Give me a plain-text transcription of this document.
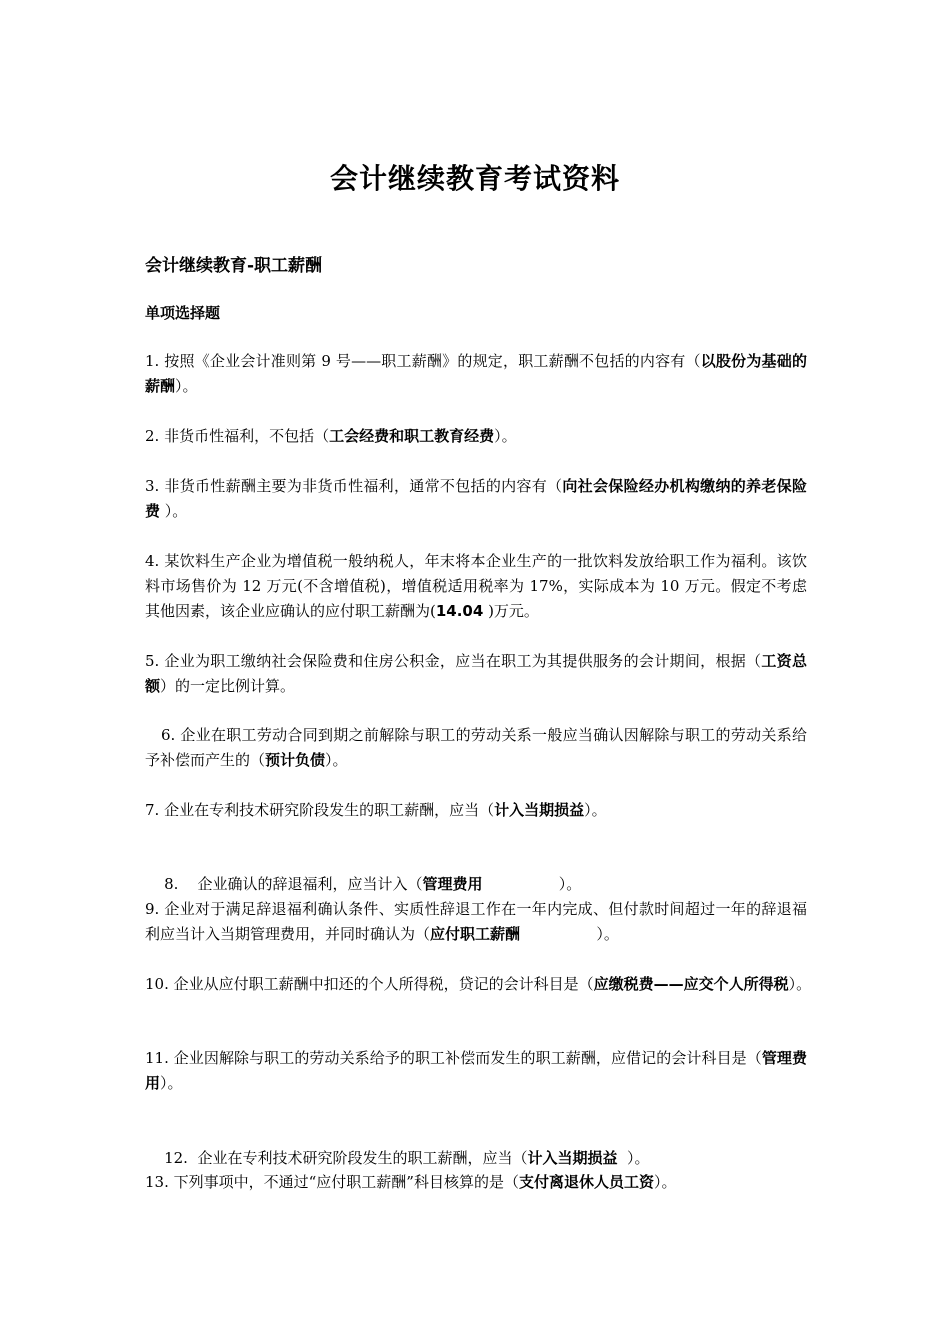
会计继续教育考试资料
会计继续教育-职工薪酬
单项选择题
1. 按照《企业会计准则第 9 号——职工薪酬》的规定，职工薪酬不包括的内容有（以股份为基础的薪酬）。
2. 非货币性福利，不包括（工会经费和职工教育经费）。
3. 非货币性薪酬主要为非货币性福利，通常不包括的内容有（向社会保险经办机构缴纳的养老保险费 ）。
4. 某饮料生产企业为增值税一般纳税人，年末将本企业生产的一批饮料发放给职工作为福利。该饮料市场售价为 12 万元(不含增值税)，增值税适用税率为 17%，实际成本为 10 万元。假定不考虑其他因素，该企业应确认的应付职工薪酬为(14.04 )万元。
5. 企业为职工缴纳社会保险费和住房公积金，应当在职工为其提供服务的会计期间，根据（工资总额）的一定比例计算。
6. 企业在职工劳动合同到期之前解除与职工的劳动关系一般应当确认因解除与职工的劳动关系给予补偿而产生的（预计负债）。
7. 企业在专利技术研究阶段发生的职工薪酬，应当（计入当期损益）。

8.    企业确认的辞退福利，应当计入（管理费用                ）。

9. 企业对于满足辞退福利确认条件、实质性辞退工作在一年内完成、但付款时间超过一年的辞退福利应当计入当期管理费用，并同时确认为（应付职工薪酬                ）。
10. 企业从应付职工薪酬中扣还的个人所得税，贷记的会计科目是（应缴税费——应交个人所得税）。
11. 企业因解除与职工的劳动关系给予的职工补偿而发生的职工薪酬，应借记的会计科目是（管理费用）。

12.  企业在专利技术研究阶段发生的职工薪酬，应当（计入当期损益  ）。

13. 下列事项中，不通过“应付职工薪酬”科目核算的是（支付离退休人员工资）。
